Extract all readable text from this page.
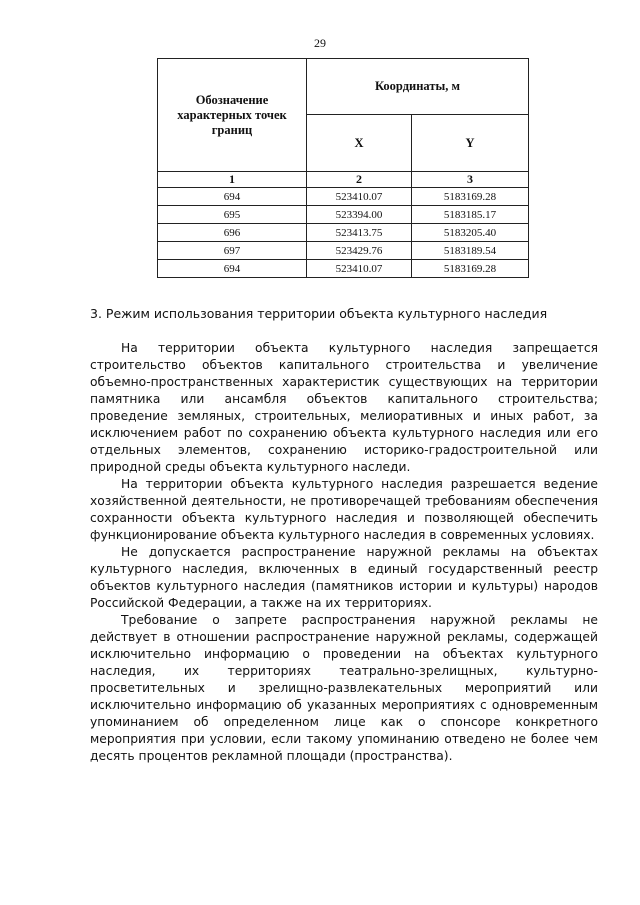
29
Обозначение характерных точек границ	Координаты, м	
	X	Y
1	2	3
694	523410.07	5183169.28
695	523394.00	5183185.17
696	523413.75	5183205.40
697	523429.76	5183189.54
694	523410.07	5183169.28
3. Режим использования территории объекта культурного наследия

На территории объекта культурного наследия запрещается строительство объектов капитального строительства и увеличение объемно-пространственных характеристик существующих на территории памятника или ансамбля объектов капитального строительства; проведение земляных, строительных, мелиоративных и иных работ, за исключением работ по сохранению объекта культурного наследия или его отдельных элементов, сохранению историко-градостроительной или природной среды объекта культурного наследи.

На территории объекта культурного наследия разрешается ведение хозяйственной деятельности, не противоречащей требованиям обеспечения сохранности объекта культурного наследия и позволяющей обеспечить функционирование объекта культурного наследия в современных условиях.

Не допускается распространение наружной рекламы на объектах культурного наследия, включенных в единый государственный реестр объектов культурного наследия (памятников истории и культуры) народов Российской Федерации, а также на их территориях.

Требование о запрете распространения наружной рекламы не действует в отношении распространение наружной рекламы, содержащей исключительно информацию о проведении на объектах культурного наследия, их территориях театрально-зрелищных, культурно-просветительных и зрелищно-развлекательных мероприятий или исключительно информацию об указанных мероприятиях с одновременным упоминанием об определенном лице как о спонсоре конкретного мероприятия при условии, если такому упоминанию отведено не более чем десять процентов рекламной площади (пространства).
